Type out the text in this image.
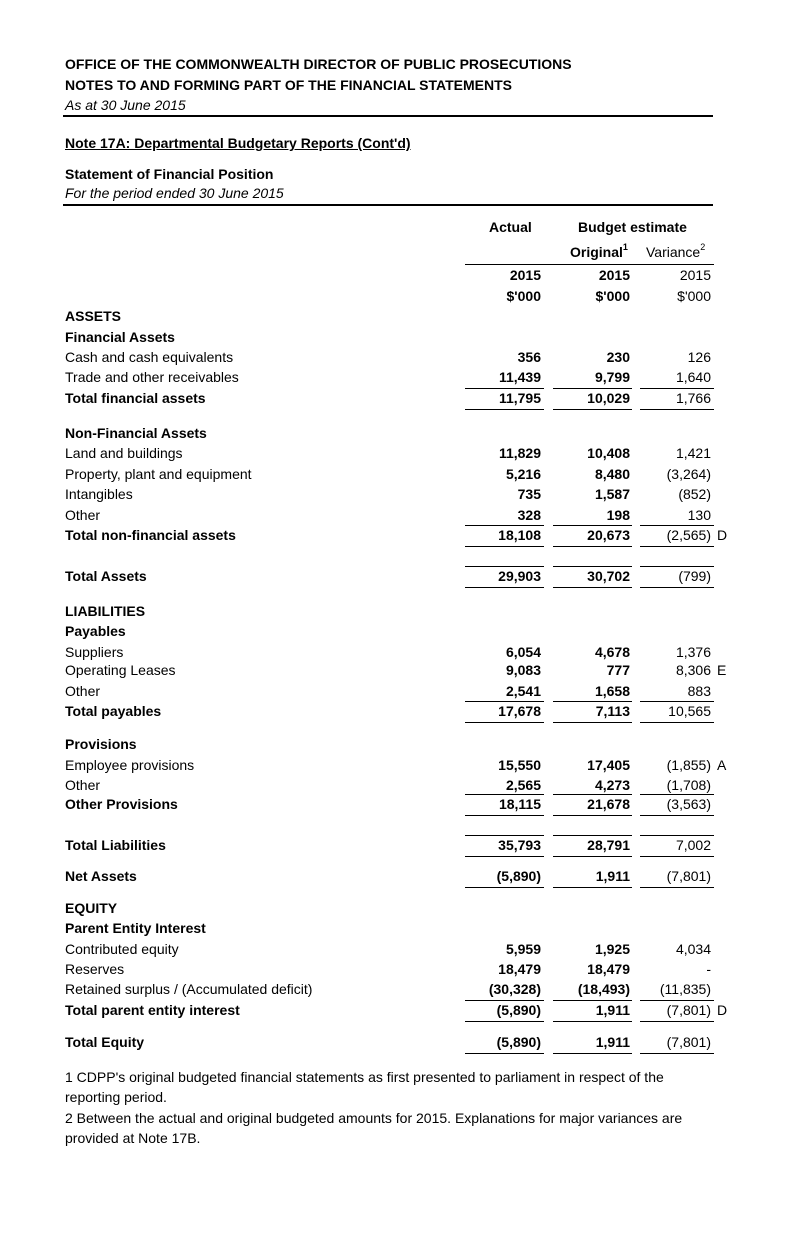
OFFICE OF THE COMMONWEALTH DIRECTOR OF PUBLIC PROSECUTIONS
NOTES TO AND FORMING PART OF THE FINANCIAL STATEMENTS
As at 30 June 2015
Note 17A: Departmental Budgetary Reports (Cont'd)
Statement of Financial Position
For the period ended 30 June 2015
Actual	Budget estimate
Original$^1$ Variance$^2$
2015	2015	2015
$'000	$'000	$'000
ASSETS
Financial Assets
Cash and cash equivalents	356	230	126
Trade and other receivables	11,439	9,799	1,640
Total financial assets	11,795	10,029	1,766
Non-Financial Assets
Land and buildings	11,829	10,408	1,421
Property, plant and equipment	5,216	8,480	(3,264)
Intangibles	735	1,587	(852)
Other	328	198	130
Total non-financial assets	18,108	20,673	(2,565) D
Total Assets	29,903	30,702	(799)
LIABILITIES
Payables
Suppliers	6,054	4,678	1,376
Operating Leases	9,083	777	8,306 E
Other	2,541	1,658	883
Total payables	17,678	7,113	10,565
Provisions
Employee provisions	15,550	17,405	(1,855) A
Other	2,565	4,273	(1,708)
Other Provisions	18,115	21,678	(3,563)
Total Liabilities	35,793	28,791	7,002
Net Assets	(5,890)	1,911	(7,801)
EQUITY
Parent Entity Interest
Contributed equity	5,959	1,925	4,034
Reserves	18,479	18,479	-
Retained surplus / (Accumulated deficit)	(30,328)	(18,493) (11,835)
Total parent entity interest	(5,890)	1,911	(7,801) D
Total Equity	(5,890)	1,911	(7,801)
1 CDPP's original budgeted financial statements as first presented to parliament in respect of the reporting period.
2 Between the actual and original budgeted amounts for 2015. Explanations for major variances are provided at Note 17B.
